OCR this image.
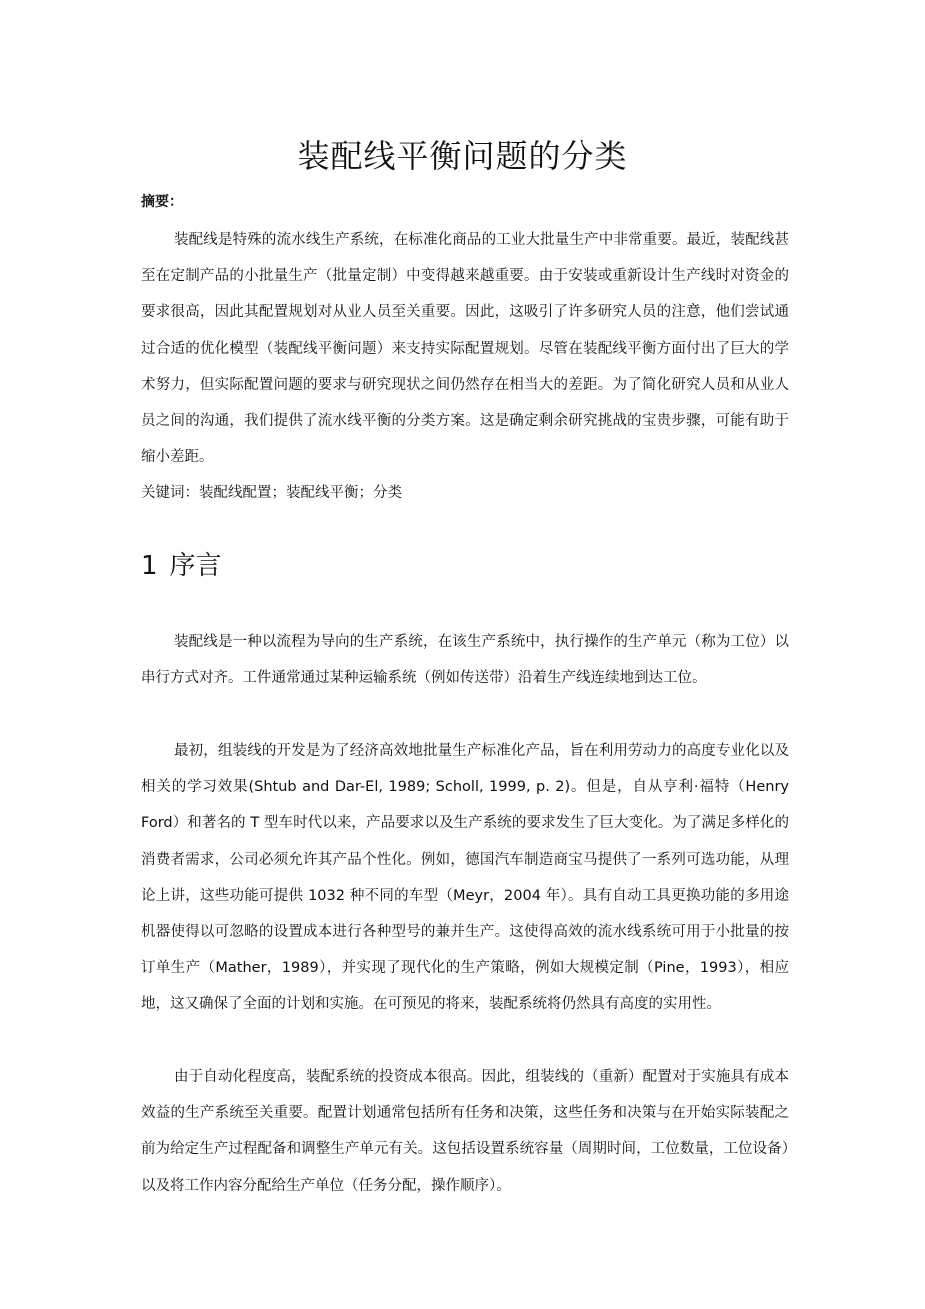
装配线平衡问题的分类
摘要：

装配线是特殊的流水线生产系统，在标准化商品的工业大批量生产中非常重要。最近，装配线甚至在定制产品的小批量生产（批量定制）中变得越来越重要。由于安装或重新设计生产线时对资金的要求很高，因此其配置规划对从业人员至关重要。因此，这吸引了许多研究人员的注意，他们尝试通过合适的优化模型（装配线平衡问题）来支持实际配置规划。尽管在装配线平衡方面付出了巨大的学术努力，但实际配置问题的要求与研究现状之间仍然存在相当大的差距。为了简化研究人员和从业人员之间的沟通，我们提供了流水线平衡的分类方案。这是确定剩余研究挑战的宝贵步骤，可能有助于缩小差距。

关键词：装配线配置；装配线平衡；分类
1 序言

装配线是一种以流程为导向的生产系统，在该生产系统中，执行操作的生产单元（称为工位）以串行方式对齐。工件通常通过某种运输系统（例如传送带）沿着生产线连续地到达工位。

最初，组装线的开发是为了经济高效地批量生产标准化产品，旨在利用劳动力的高度专业化以及相关的学习效果(Shtub and Dar-El, 1989; Scholl, 1999, p. 2)。但是，自从亨利·福特（Henry Ford）和著名的 T 型车时代以来，产品要求以及生产系统的要求发生了巨大变化。为了满足多样化的消费者需求，公司必须允许其产品个性化。例如，德国汽车制造商宝马提供了一系列可选功能，从理论上讲，这些功能可提供 1032 种不同的车型（Meyr，2004 年）。具有自动工具更换功能的多用途机器使得以可忽略的设置成本进行各种型号的兼并生产。这使得高效的流水线系统可用于小批量的按订单生产（Mather，1989），并实现了现代化的生产策略，例如大规模定制（Pine，1993），相应地，这又确保了全面的计划和实施。在可预见的将来，装配系统将仍然具有高度的实用性。

由于自动化程度高，装配系统的投资成本很高。因此，组装线的（重新）配置对于实施具有成本效益的生产系统至关重要。配置计划通常包括所有任务和决策，这些任务和决策与在开始实际装配之前为给定生产过程配备和调整生产单元有关。这包括设置系统容量（周期时间，工位数量，工位设备）以及将工作内容分配给生产单位（任务分配，操作顺序）。
